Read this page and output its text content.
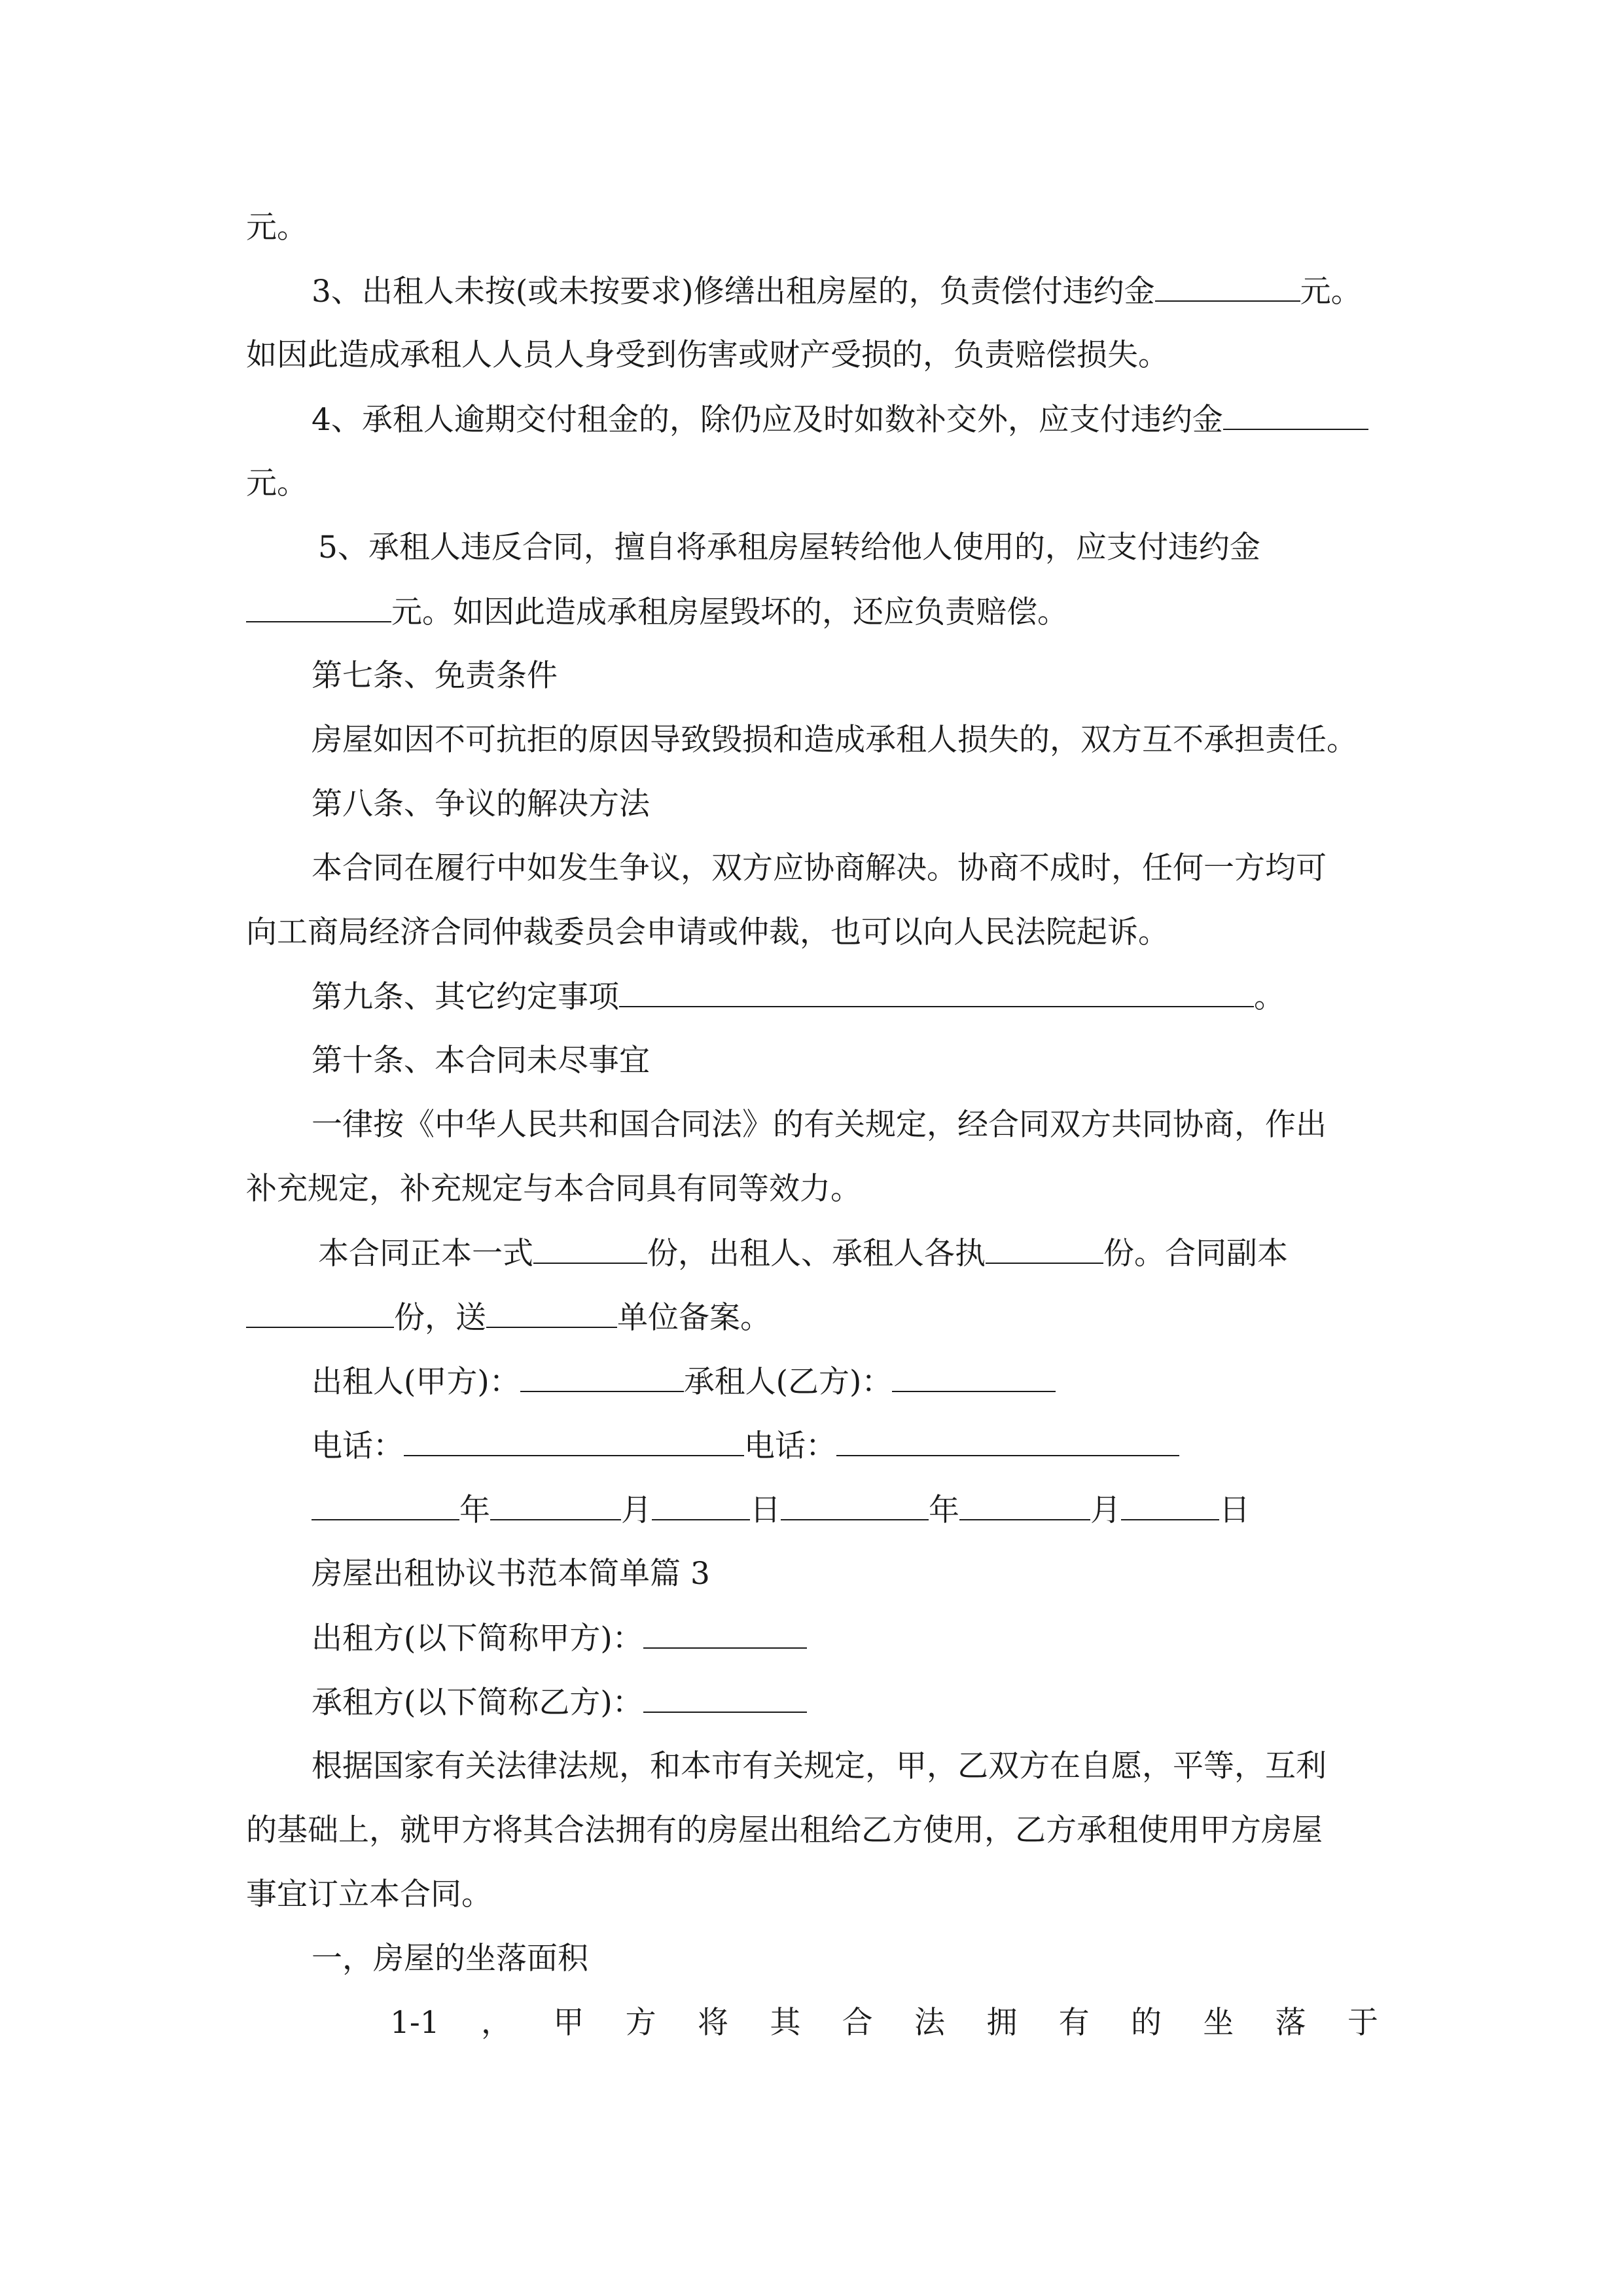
元。
3、出租人未按(或未按要求)修缮出租房屋的，负责偿付违约金	元。
如因此造成承租人人员人身受到伤害或财产受损的，负责赔偿损失。
4、承租人逾期交付租金的，除仍应及时如数补交外，应支付违约金
元。
5、承租人违反合同，擅自将承租房屋转给他人使用的，应支付违约金
元。如因此造成承租房屋毁坏的，还应负责赔偿。
第七条、免责条件
房屋如因不可抗拒的原因导致毁损和造成承租人损失的，双方互不承担责任。
第八条、争议的解决方法
本合同在履行中如发生争议，双方应协商解决。协商不成时，任何一方均可
向工商局经济合同仲裁委员会申请或仲裁，也可以向人民法院起诉。
第九条、其它约定事项	。
第十条、本合同未尽事宜
一律按《中华人民共和国合同法》的有关规定，经合同双方共同协商，作出
补充规定，补充规定与本合同具有同等效力。
本合同正本一式	份，出租人、承租人各执	份。合同副本
份，送	单位备案。
出租人(甲方)：	承租人(乙方)：
电话：	电话：
年	月	日	年	月	日
房屋出租协议书范本简单篇 3
出租方(以下简称甲方)：
承租方(以下简称乙方)：
根据国家有关法律法规，和本市有关规定，甲，乙双方在自愿，平等，互利
的基础上，就甲方将其合法拥有的房屋出租给乙方使用，乙方承租使用甲方房屋
事宜订立本合同。
一，房屋的坐落面积
1-1 ， 甲 方 将 其 合 法 拥 有 的 坐 落 于
